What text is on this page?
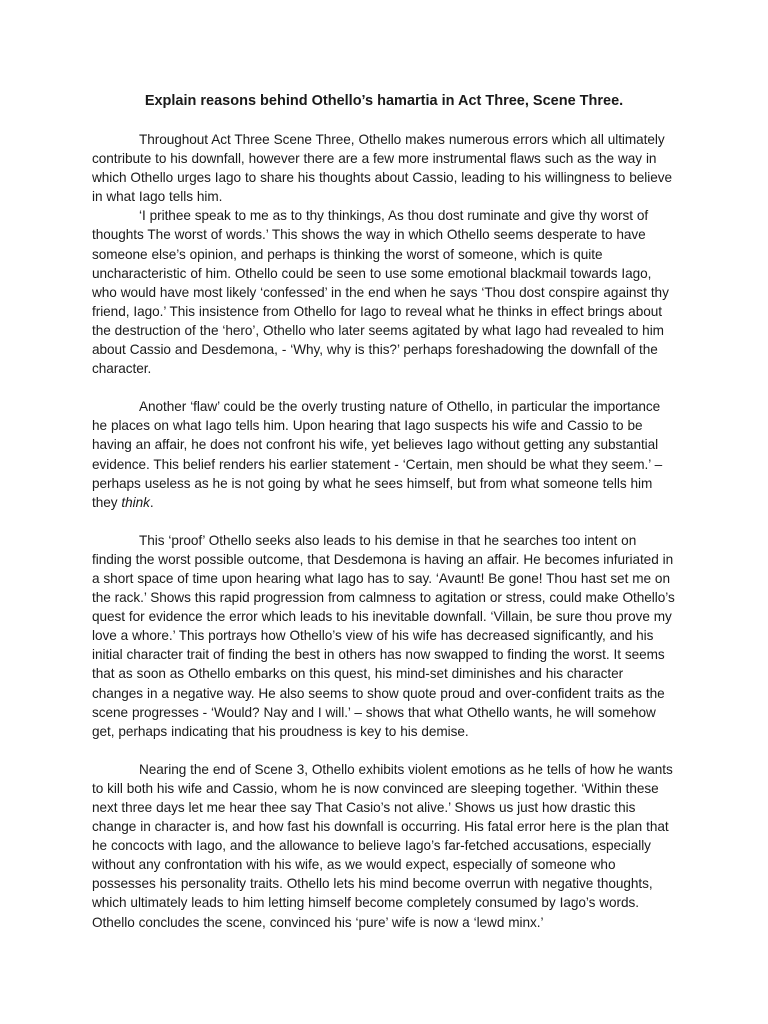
Explain reasons behind Othello’s hamartia in Act Three, Scene Three.

Throughout Act Three Scene Three, Othello makes numerous errors which all ultimately contribute to his downfall, however there are a few more instrumental flaws such as the way in which Othello urges Iago to share his thoughts about Cassio, leading to his willingness to believe in what Iago tells him.

‘I prithee speak to me as to thy thinkings, As thou dost ruminate and give thy worst of thoughts The worst of words.’ This shows the way in which Othello seems desperate to have someone else’s opinion, and perhaps is thinking the worst of someone, which is quite uncharacteristic of him. Othello could be seen to use some emotional blackmail towards Iago, who would have most likely ‘confessed’ in the end when he says ‘Thou dost conspire against thy friend, Iago.’ This insistence from Othello for Iago to reveal what he thinks in effect brings about the destruction of the ‘hero’, Othello who later seems agitated by what Iago had revealed to him about Cassio and Desdemona, - ‘Why, why is this?’ perhaps foreshadowing the downfall of the character.

Another ‘flaw’ could be the overly trusting nature of Othello, in particular the importance he places on what Iago tells him. Upon hearing that Iago suspects his wife and Cassio to be having an affair, he does not confront his wife, yet believes Iago without getting any substantial evidence. This belief renders his earlier statement - ‘Certain, men should be what they seem.’ – perhaps useless as he is not going by what he sees himself, but from what someone tells him they think.

This ‘proof’ Othello seeks also leads to his demise in that he searches too intent on finding the worst possible outcome, that Desdemona is having an affair. He becomes infuriated in a short space of time upon hearing what Iago has to say. ‘Avaunt! Be gone! Thou hast set me on the rack.’ Shows this rapid progression from calmness to agitation or stress, could make Othello’s quest for evidence the error which leads to his inevitable downfall. ‘Villain, be sure thou prove my love a whore.’ This portrays how Othello’s view of his wife has decreased significantly, and his initial character trait of finding the best in others has now swapped to finding the worst. It seems that as soon as Othello embarks on this quest, his mind-set diminishes and his character changes in a negative way. He also seems to show quote proud and over-confident traits as the scene progresses - ‘Would? Nay and I will.’ – shows that what Othello wants, he will somehow get, perhaps indicating that his proudness is key to his demise.

Nearing the end of Scene 3, Othello exhibits violent emotions as he tells of how he wants to kill both his wife and Cassio, whom he is now convinced are sleeping together. ‘Within these next three days let me hear thee say That Casio’s not alive.’ Shows us just how drastic this change in character is, and how fast his downfall is occurring. His fatal error here is the plan that he concocts with Iago, and the allowance to believe Iago’s far-fetched accusations, especially without any confrontation with his wife, as we would expect, especially of someone who possesses his personality traits. Othello lets his mind become overrun with negative thoughts, which ultimately leads to him letting himself become completely consumed by Iago’s words. Othello concludes the scene, convinced his ‘pure’ wife is now a ‘lewd minx.’
